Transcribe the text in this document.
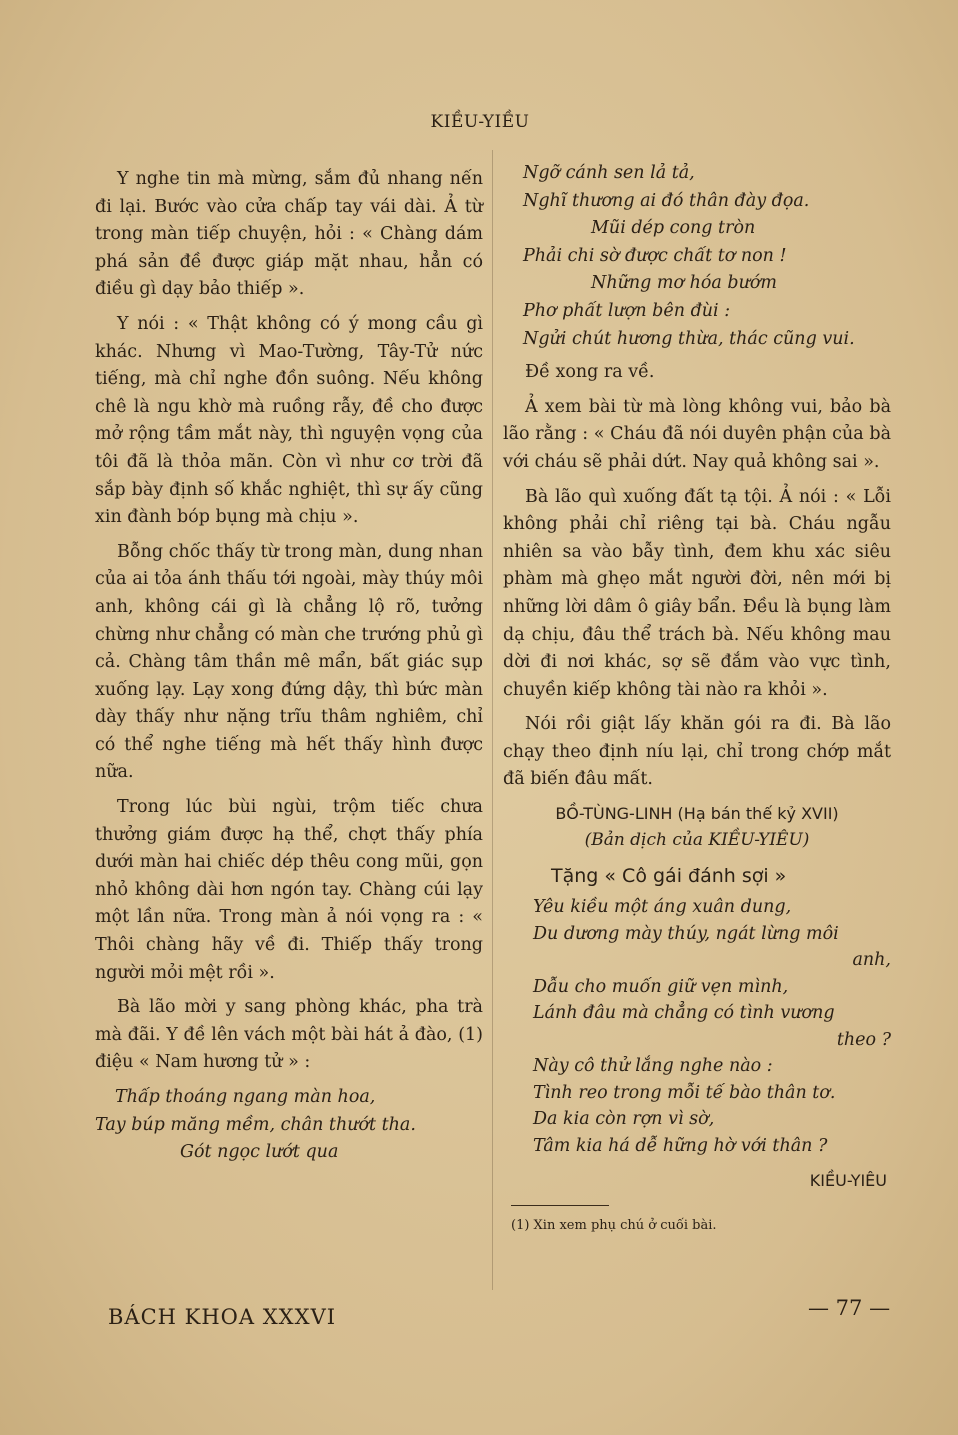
KIỀU-YIỀU

Y nghe tin mà mừng, sắm đủ nhang nến đi lại. Bước vào cửa chấp tay vái dài. Ả từ trong màn tiếp chuyện, hỏi : « Chàng dám phá sản đề được giáp mặt nhau, hẳn có điều gì dạy bảo thiếp ».

Y nói : « Thật không có ý mong cầu gì khác. Nhưng vì Mao-Tường, Tây-Tử nức tiếng, mà chỉ nghe đồn suông. Nếu không chê là ngu khờ mà ruồng rẫy, đề cho được mở rộng tầm mắt này, thì nguyện vọng của tôi đã là thỏa mãn. Còn vì như cơ trời đã sắp bày định số khắc nghiệt, thì sự ấy cũng xin đành bóp bụng mà chịu ».

Bỗng chốc thấy từ trong màn, dung nhan của ai tỏa ánh thấu tới ngoài, mày thúy môi anh, không cái gì là chẳng lộ rõ, tưởng chừng như chẳng có màn che trướng phủ gì cả. Chàng tâm thần mê mẩn, bất giác sụp xuống lạy. Lạy xong đứng dậy, thì bức màn dày thấy như nặng trĩu thâm nghiêm, chỉ có thể nghe tiếng mà hết thấy hình được nữa.

Trong lúc bùi ngùi, trộm tiếc chưa thưởng giám được hạ thể, chợt thấy phía dưới màn hai chiếc dép thêu cong mũi, gọn nhỏ không dài hơn ngón tay. Chàng cúi lạy một lần nữa. Trong màn ả nói vọng ra : « Thôi chàng hãy về đi. Thiếp thấy trong người mỏi mệt rồi ».

Bà lão mời y sang phòng khác, pha trà mà đãi. Y đề lên vách một bài hát ả đào, (1) điệu « Nam hương tử » :

Thấp thoáng ngang màn hoa,
Tay búp măng mềm, chân thướt tha.
Gót ngọc lướt qua
Ngỡ cánh sen lả tả,
Nghĩ thương ai đó thân đày đọa.
Mũi dép cong tròn
Phải chi sờ được chất tơ non !
Những mơ hóa bướm
Phơ phất lượn bên đùi :
Ngửi chút hương thừa, thác cũng vui.

Đề xong ra về.

Ả xem bài từ mà lòng không vui, bảo bà lão rằng : « Cháu đã nói duyên phận của bà với cháu sẽ phải dứt. Nay quả không sai ».

Bà lão quì xuống đất tạ tội. Ả nói : « Lỗi không phải chỉ riêng tại bà. Cháu ngẫu nhiên sa vào bẫy tình, đem khu xác siêu phàm mà ghẹo mắt người đời, nên mới bị những lời dâm ô giây bẩn. Đều là bụng làm dạ chịu, đâu thể trách bà. Nếu không mau dời đi nơi khác, sợ sẽ đắm vào vực tình, chuyền kiếp không tài nào ra khỏi ».

Nói rồi giật lấy khăn gói ra đi. Bà lão chạy theo định níu lại, chỉ trong chớp mắt đã biến đâu mất.

BỒ-TÙNG-LINH (Hạ bán thế kỷ XVII)
(Bản dịch của KIỀU-YIÊU)
Tặng « Cô gái đánh sợi »
Yêu kiều một áng xuân dung,
Du dương mày thúy, ngát lừng môi
anh,
Dẫu cho muốn giữ vẹn mình,
Lánh đâu mà chẳng có tình vương
theo ?
Này cô thử lắng nghe nào :
Tình reo trong mỗi tế bào thân tơ.
Da kia còn rợn vì sờ,
Tâm kia há dễ hững hờ với thân ?
KIỀU-YIÊU
(1) Xin xem phụ chú ở cuối bài.
BÁCH KHOA XXXVI	— 77 —
